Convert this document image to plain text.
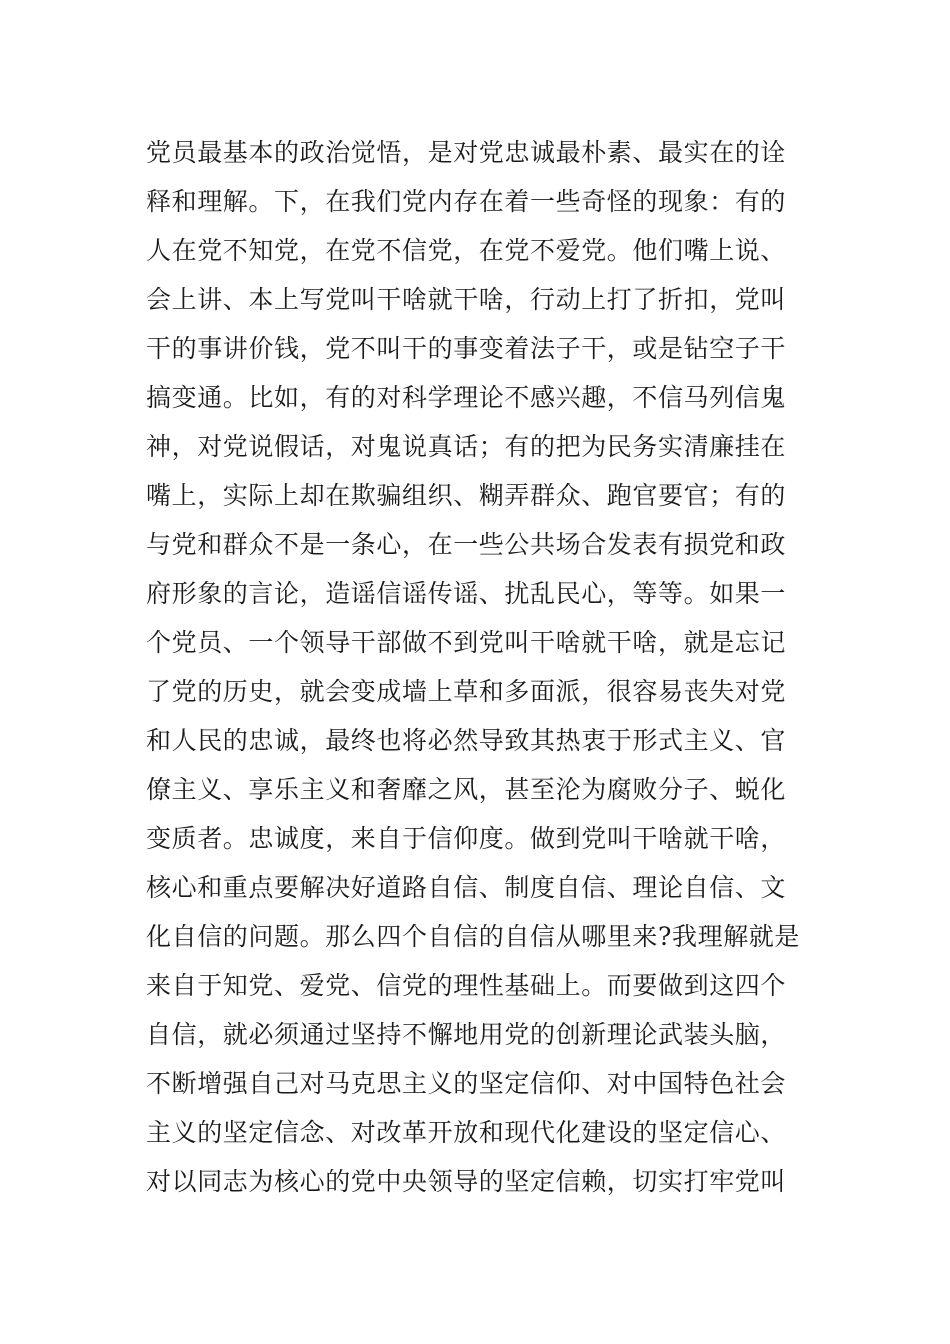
党员最基本的政治觉悟，是对党忠诚最朴素、最实在的诠
释和理解。下，在我们党内存在着一些奇怪的现象：有的
人在党不知党，在党不信党，在党不爱党。他们嘴上说、
会上讲、本上写党叫干啥就干啥，行动上打了折扣，党叫
干的事讲价钱，党不叫干的事变着法子干，或是钻空子干
搞变通。比如，有的对科学理论不感兴趣，不信马列信鬼
神，对党说假话，对鬼说真话；有的把为民务实清廉挂在
嘴上，实际上却在欺骗组织、糊弄群众、跑官要官；有的
与党和群众不是一条心，在一些公共场合发表有损党和政
府形象的言论，造谣信谣传谣、扰乱民心，等等。如果一
个党员、一个领导干部做不到党叫干啥就干啥，就是忘记
了党的历史，就会变成墙上草和多面派，很容易丧失对党
和人民的忠诚，最终也将必然导致其热衷于形式主义、官
僚主义、享乐主义和奢靡之风，甚至沦为腐败分子、蜕化
变质者。忠诚度，来自于信仰度。做到党叫干啥就干啥，
核心和重点要解决好道路自信、制度自信、理论自信、文
化自信的问题。那么四个自信的自信从哪里来?我理解就是
来自于知党、爱党、信党的理性基础上。而要做到这四个
自信，就必须通过坚持不懈地用党的创新理论武装头脑，
不断增强自己对马克思主义的坚定信仰、对中国特色社会
主义的坚定信念、对改革开放和现代化建设的坚定信心、
对以同志为核心的党中央领导的坚定信赖，切实打牢党叫
